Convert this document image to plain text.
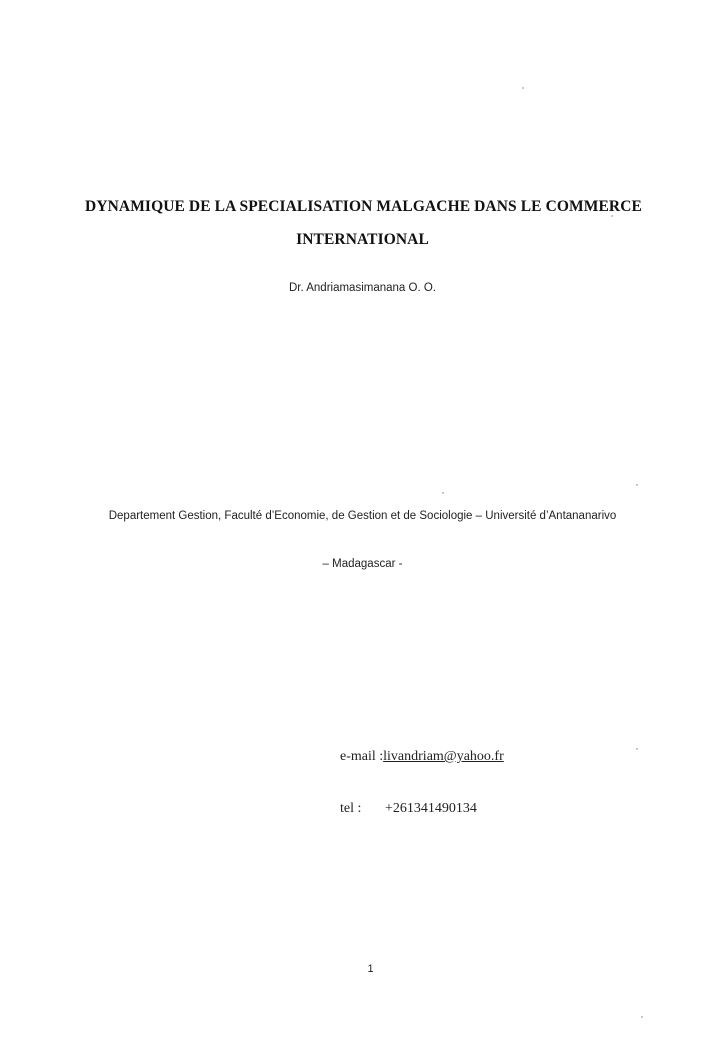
DYNAMIQUE DE LA SPECIALISATION MALGACHE DANS LE COMMERCE
INTERNATIONAL
Dr. Andriamasimanana O. O.
Departement Gestion, Faculté d’Economie, de Gestion et de Sociologie – Université d’Antananarivo
– Madagascar -
e-mail :livandriam@yahoo.fr
tel : +261341490134
1
